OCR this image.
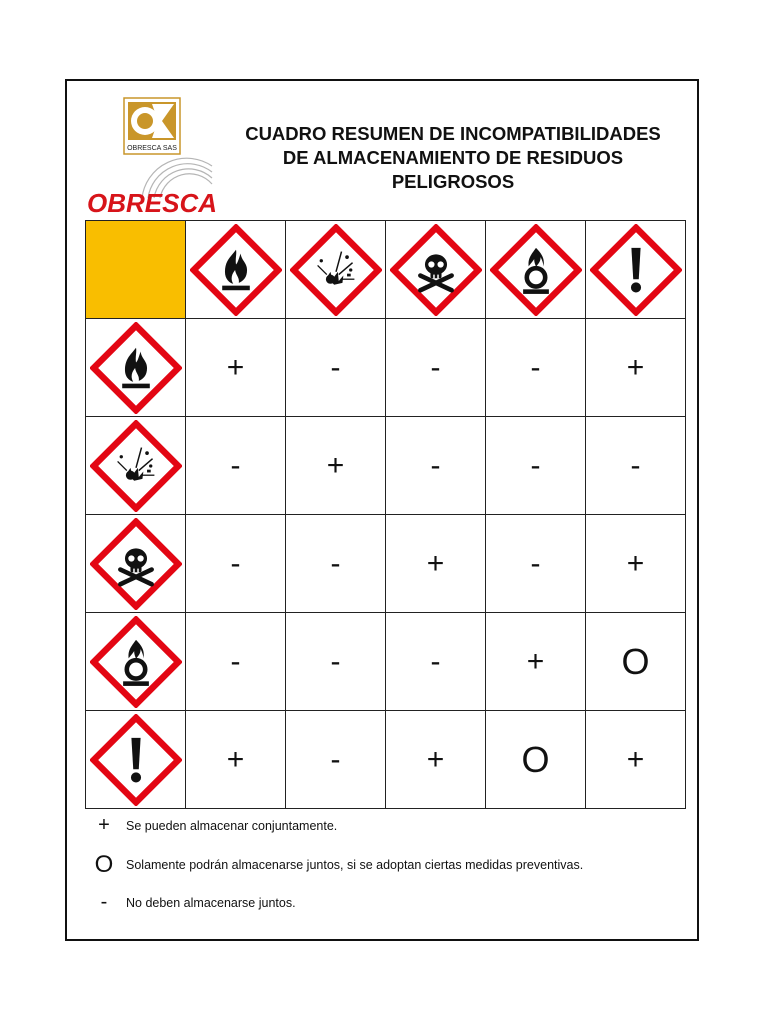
OBRESCA SAS
OBRESCA
CUADRO RESUMEN DE INCOMPATIBILIDADES
DE ALMACENAMIENTO DE RESIDUOS
PELIGROSOS

	+	-	-	-	+

	-	+	-	-	-

	-	-	+	-	+

	-	-	-	+	O

	+	-	+	O	+
+ Se pueden almacenar conjuntamente.
O Solamente podrán almacenarse juntos, si se adoptan ciertas medidas preventivas.
- No deben almacenarse juntos.
